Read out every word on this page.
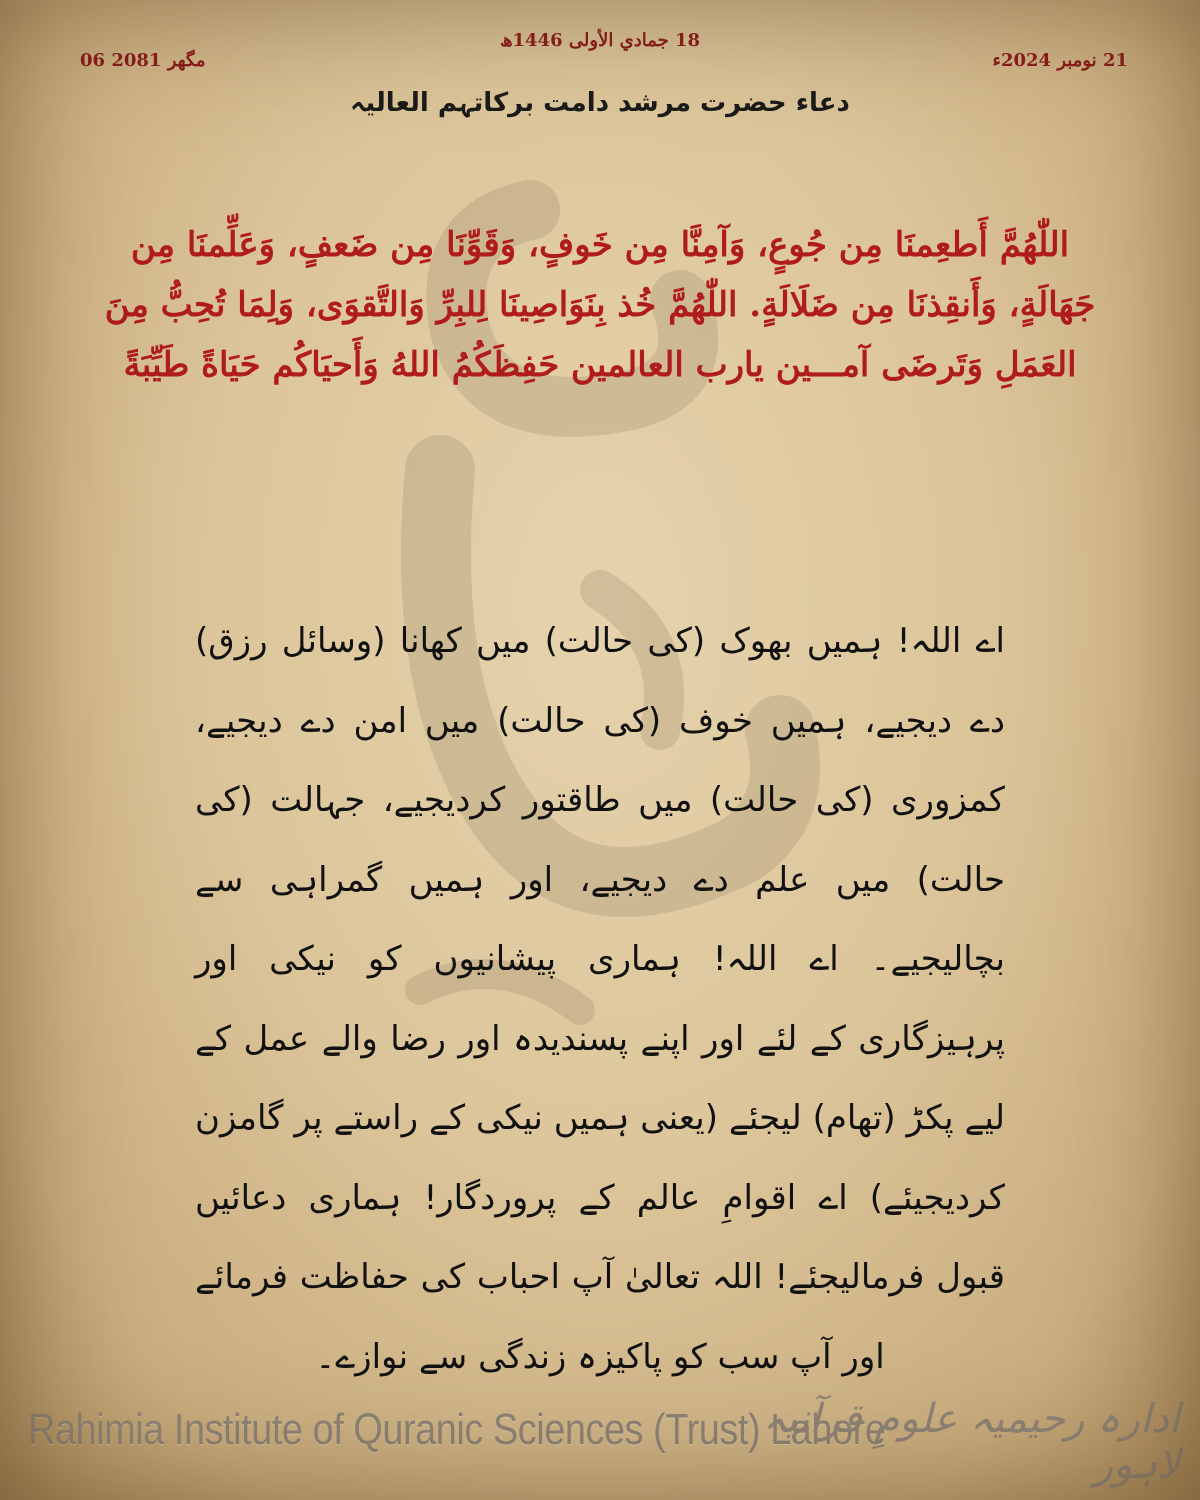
06 مگھر 2081
18 جمادي الأولى 1446ھ
21 نومبر 2024ء
دعاء حضرت مرشد دامت برکاتہم العالیہ
اللّٰهُمَّ أَطعِمنَا مِن جُوعٍ، وَآمِنَّا مِن خَوفٍ، وَقَوِّنَا مِن ضَعفٍ، وَعَلِّمنَا مِن جَهَالَةٍ، وَأَنقِذنَا مِن ضَلَالَةٍ. اللّٰهُمَّ خُذ بِنَوَاصِينَا لِلبِرِّ وَالتَّقوَى، وَلِمَا تُحِبُّ مِنَ العَمَلِ وَتَرضَى آمـــين يارب العالمين حَفِظَكُمُ اللهُ وَأَحيَاكُم حَيَاةً طَيِّبَةً
اے اللہ! ہمیں بھوک (کی حالت) میں کھانا (وسائل رزق) دے دیجیے، ہمیں خوف (کی حالت) میں امن دے دیجیے، کمزوری (کی حالت) میں طاقتور کردیجیے، جہالت (کی حالت) میں علم دے دیجیے، اور ہمیں گمراہی سے بچالیجیے۔ اے اللہ! ہماری پیشانیوں کو نیکی اور پرہیزگاری کے لئے اور اپنے پسندیدہ اور رضا والے عمل کے لیے پکڑ (تھام) لیجئے (یعنی ہمیں نیکی کے راستے پر گامزن کردیجیئے) اے اقوامِ عالم کے پروردگار! ہماری دعائیں قبول فرمالیجئے! اللہ تعالیٰ آپ احباب کی حفاظت فرمائے اور آپ سب کو پاکیزہ زندگی سے نوازے۔
Rahimia Institute of Quranic Sciences (Trust) Lahore
ادارہ رحیمیہ علومِ قرآنیہ لاہور
